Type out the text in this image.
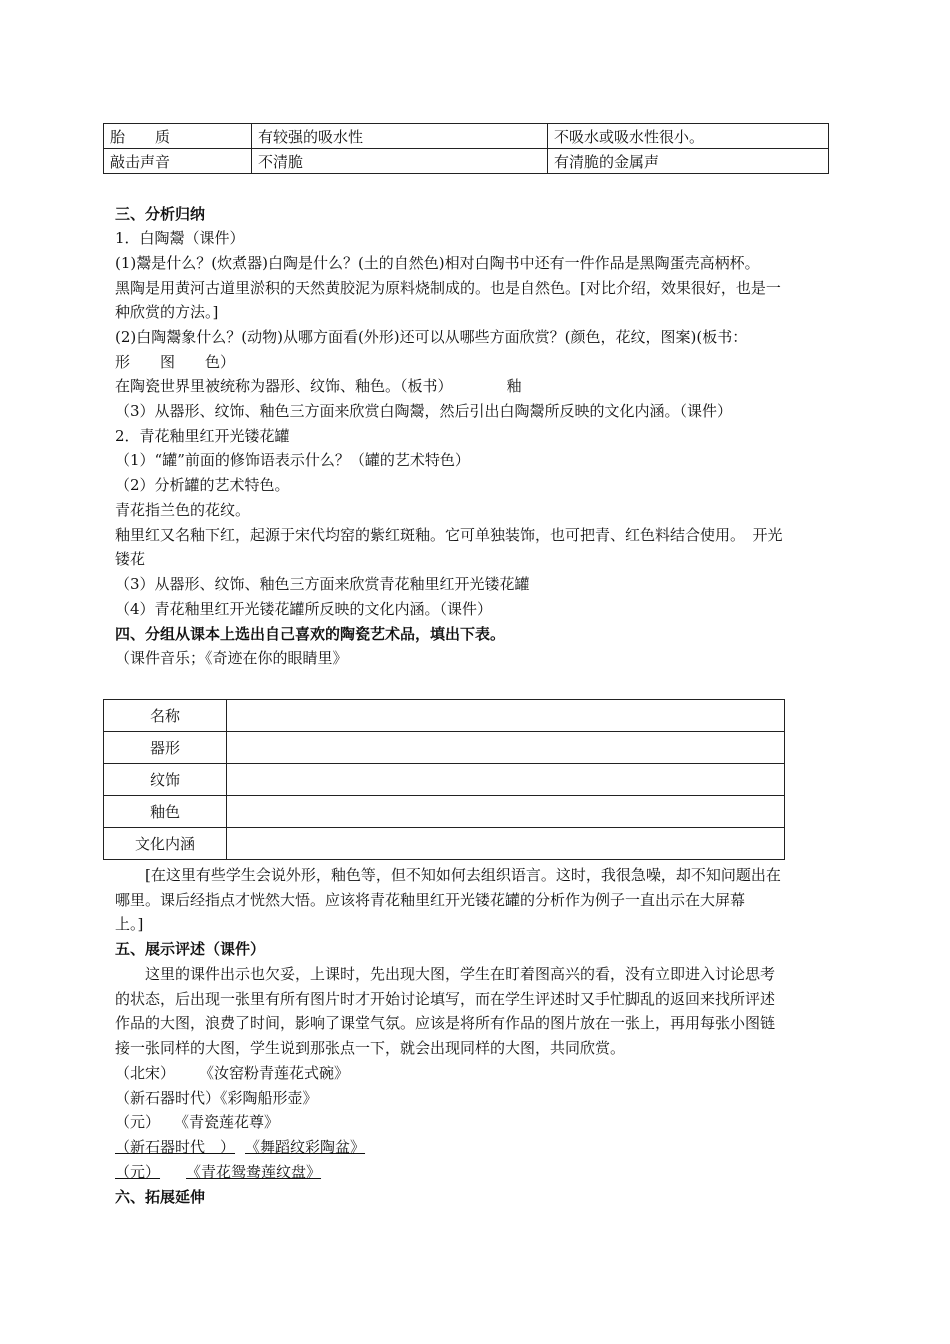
胎　　质	有较强的吸水性	不吸水或吸水性很小。
敲击声音	不清脆	有清脆的金属声
三、分析归纳
1．白陶鬶（课件）
(1)鬶是什么？(炊煮器)白陶是什么？(土的自然色)相对白陶书中还有一件作品是黑陶蛋壳高柄杯。
黑陶是用黄河古道里淤积的天然黄胶泥为原料烧制成的。也是自然色。[对比介绍，效果很好，也是一
种欣赏的方法。]
(2)白陶鬶象什么？(动物)从哪方面看(外形)还可以从哪些方面欣赏？(颜色，花纹，图案)(板书：
形　　图　　色）
在陶瓷世界里被统称为器形、纹饰、釉色。（板书）	釉
（3）从器形、纹饰、釉色三方面来欣赏白陶鬶，然后引出白陶鬶所反映的文化内涵。（课件）
2．青花釉里红开光镂花罐
（1）“罐”前面的修饰语表示什么？（罐的艺术特色）
（2）分析罐的艺术特色。
青花指兰色的花纹。
釉里红又名釉下红，起源于宋代均窑的紫红斑釉。它可单独装饰，也可把青、红色料结合使用。　开光
镂花
（3）从器形、纹饰、釉色三方面来欣赏青花釉里红开光镂花罐
（4）青花釉里红开光镂花罐所反映的文化内涵。（课件）
四、分组从课本上选出自己喜欢的陶瓷艺术品，填出下表。
（课件音乐；《奇迹在你的眼睛里》
名称	
器形	
纹饰	
釉色	
文化内涵	
　　[在这里有些学生会说外形，釉色等，但不知如何去组织语言。这时，我很急噪，却不知问题出在
哪里。课后经指点才恍然大悟。应该将青花釉里红开光镂花罐的分析作为例子一直出示在大屏幕
上。]
五、展示评述（课件）
　　这里的课件出示也欠妥，上课时，先出现大图，学生在盯着图高兴的看，没有立即进入讨论思考
的状态，后出现一张里有所有图片时才开始讨论填写，而在学生评述时又手忙脚乱的返回来找所评述
作品的大图，浪费了时间，影响了课堂气氛。应该是将所有作品的图片放在一张上，再用每张小图链
接一张同样的大图，学生说到那张点一下，就会出现同样的大图，共同欣赏。
（北宋） 《汝窑粉青莲花式碗》
（新石器时代）《彩陶船形壶》
（元） 《青瓷莲花尊》
（新石器时代　） 《舞蹈纹彩陶盆》
（元） 《青花鸳鸯莲纹盘》
六、拓展延伸
